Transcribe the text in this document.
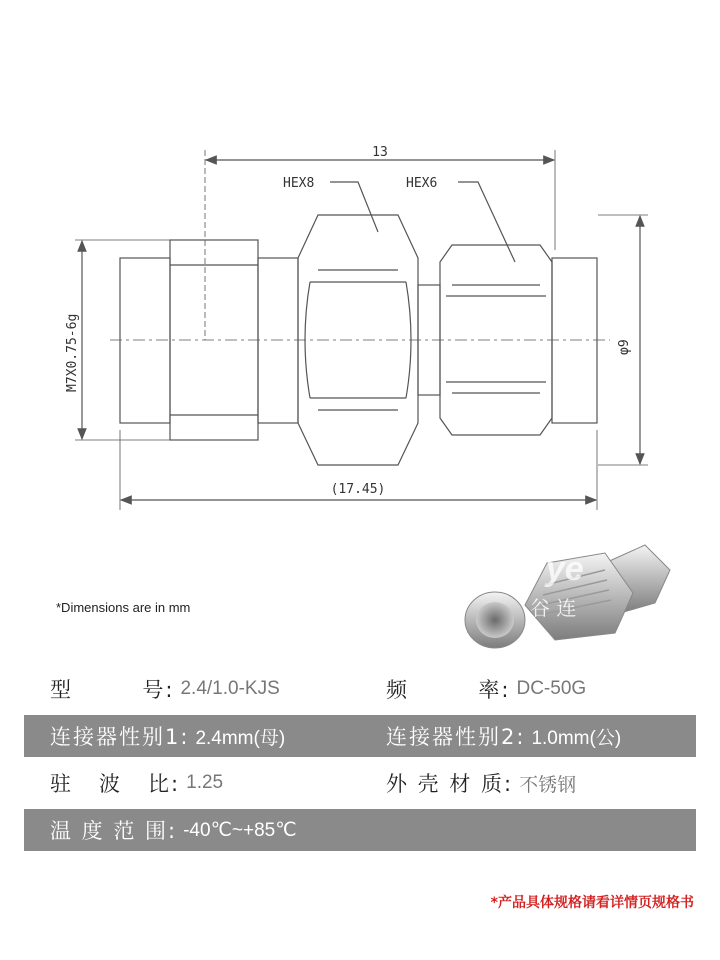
13
(17.45)
HEX8	HEX6
M7X0.75-6g	φ9
*Dimensions are in mm
G ye
谷 连
型        号: 2.4/1.0-KJS	频        率: DC-50G
连接器性别1: 2.4mm(母)	连接器性别2: 1.0mm(公)
驻   波   比: 1.25	外 壳 材 质: 不锈钢
温 度 范 围: -40℃~+85℃
*产品具体规格请看详情页规格书
